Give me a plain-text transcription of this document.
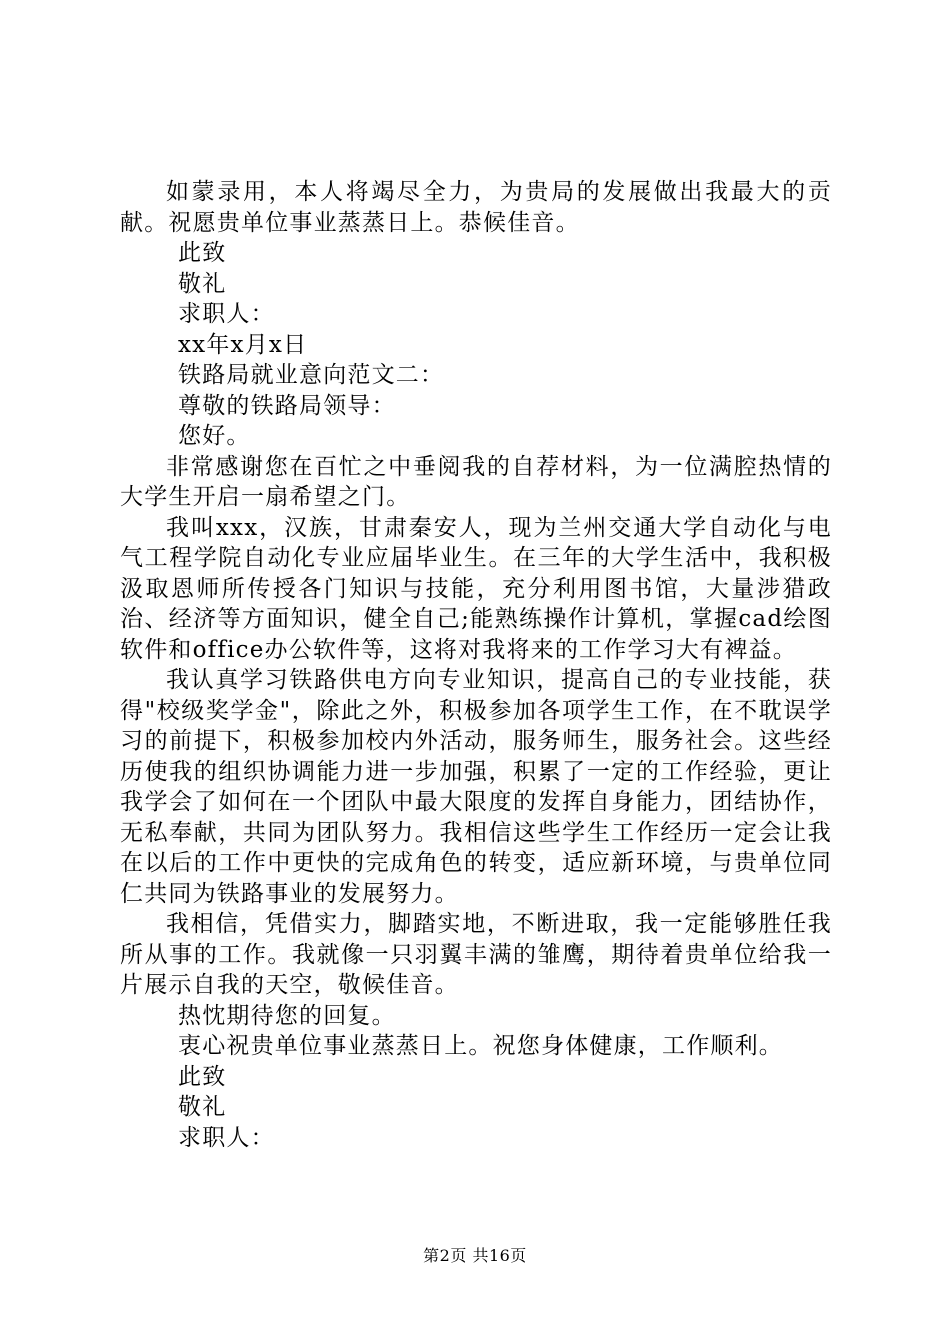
如蒙录用，本人将竭尽全力，为贵局的发展做出我最大的贡献。祝愿贵单位事业蒸蒸日上。恭候佳音。

此致

敬礼

求职人：

xx年x月x日

铁路局就业意向范文二：

尊敬的铁路局领导：

您好。

非常感谢您在百忙之中垂阅我的自荐材料，为一位满腔热情的大学生开启一扇希望之门。

我叫xxx，汉族，甘肃秦安人，现为兰州交通大学自动化与电气工程学院自动化专业应届毕业生。在三年的大学生活中，我积极汲取恩师所传授各门知识与技能，充分利用图书馆，大量涉猎政治、经济等方面知识，健全自己;能熟练操作计算机，掌握cad绘图软件和office办公软件等，这将对我将来的工作学习大有裨益。

我认真学习铁路供电方向专业知识，提高自己的专业技能，获得"校级奖学金"，除此之外，积极参加各项学生工作，在不耽误学习的前提下，积极参加校内外活动，服务师生，服务社会。这些经历使我的组织协调能力进一步加强，积累了一定的工作经验，更让我学会了如何在一个团队中最大限度的发挥自身能力，团结协作，无私奉献，共同为团队努力。我相信这些学生工作经历一定会让我在以后的工作中更快的完成角色的转变，适应新环境，与贵单位同仁共同为铁路事业的发展努力。

我相信，凭借实力，脚踏实地，不断进取，我一定能够胜任我所从事的工作。我就像一只羽翼丰满的雏鹰，期待着贵单位给我一片展示自我的天空，敬候佳音。

热忱期待您的回复。

衷心祝贵单位事业蒸蒸日上。祝您身体健康，工作顺利。

此致

敬礼

求职人：

第2页 共16页
